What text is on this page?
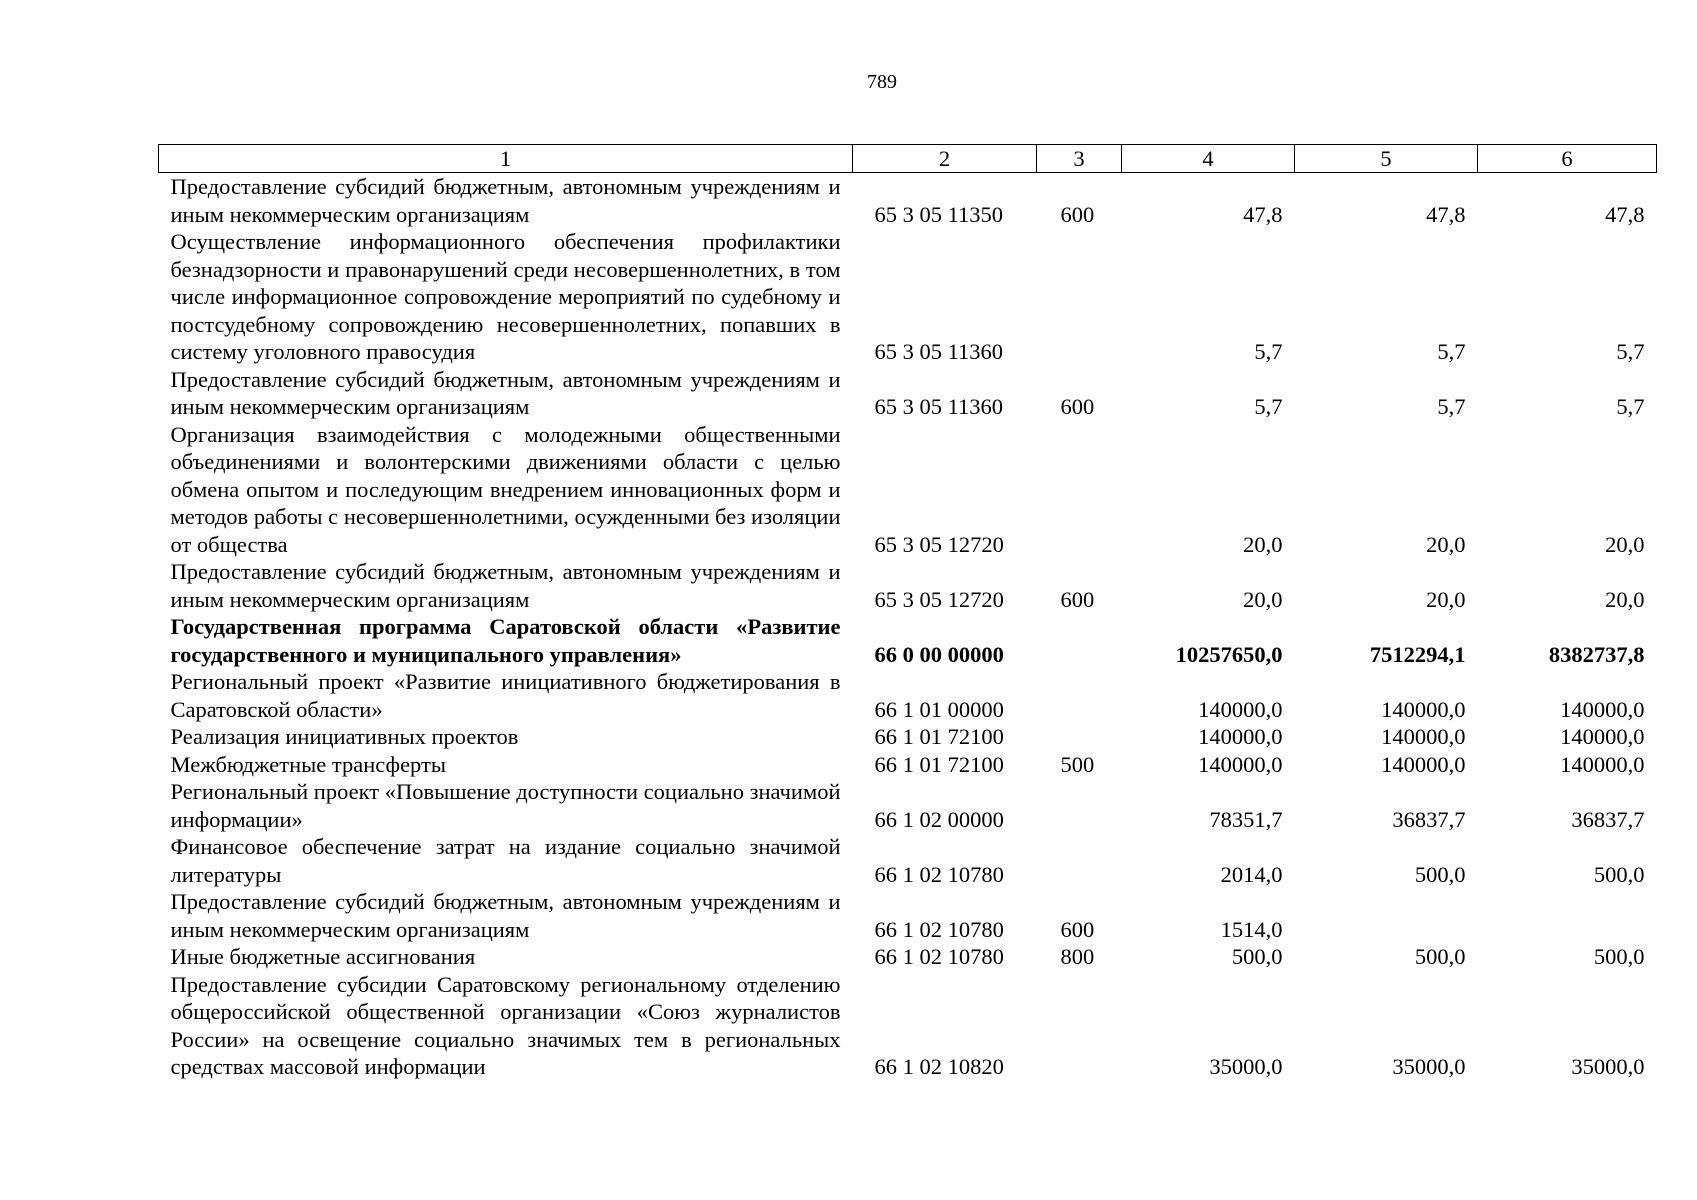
789
1	2	3	4	5	6
Предоставление субсидий бюджетным, автономным учреждениям и иным некоммерческим организациям	65 3 05 11350	600	47,8	47,8	47,8
Осуществление информационного обеспечения профилактики безнадзорности и правонарушений среди несовершеннолетних, в том числе информационное сопровождение мероприятий по судебному и постсудебному сопровождению несовершеннолетних, попавших в систему уголовного правосудия	65 3 05 11360		5,7	5,7	5,7
Предоставление субсидий бюджетным, автономным учреждениям и иным некоммерческим организациям	65 3 05 11360	600	5,7	5,7	5,7
Организация взаимодействия с молодежными общественными объединениями и волонтерскими движениями области с целью обмена опытом и последующим внедрением инновационных форм и методов работы с несовершеннолетними, осужденными без изоляции от общества	65 3 05 12720		20,0	20,0	20,0
Предоставление субсидий бюджетным, автономным учреждениям и иным некоммерческим организациям	65 3 05 12720	600	20,0	20,0	20,0
Государственная программа Саратовской области «Развитие государственного и муниципального управления»	66 0 00 00000		10257650,0	7512294,1	8382737,8
Региональный проект «Развитие инициативного бюджетирования в Саратовской области»	66 1 01 00000		140000,0	140000,0	140000,0
Реализация инициативных проектов	66 1 01 72100		140000,0	140000,0	140000,0
Межбюджетные трансферты	66 1 01 72100	500	140000,0	140000,0	140000,0
Региональный проект «Повышение доступности социально значимой информации»	66 1 02 00000		78351,7	36837,7	36837,7
Финансовое обеспечение затрат на издание социально значимой литературы	66 1 02 10780		2014,0	500,0	500,0
Предоставление субсидий бюджетным, автономным учреждениям и иным некоммерческим организациям	66 1 02 10780	600	1514,0		
Иные бюджетные ассигнования	66 1 02 10780	800	500,0	500,0	500,0
Предоставление субсидии Саратовскому региональному отделению общероссийской общественной организации «Союз журналистов России» на освещение социально значимых тем в региональных средствах массовой информации	66 1 02 10820		35000,0	35000,0	35000,0
